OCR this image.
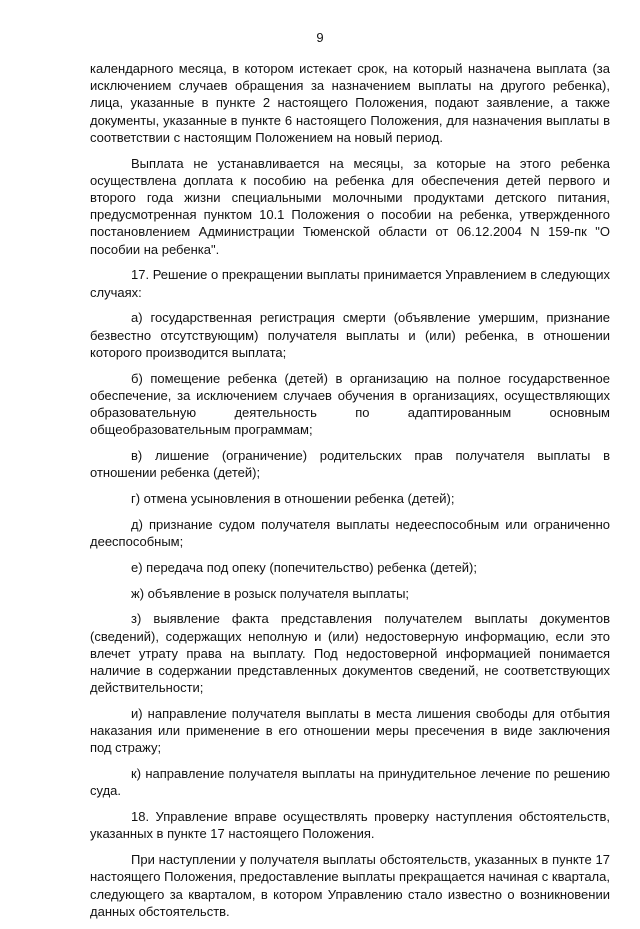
9

календарного месяца, в котором истекает срок, на который назначена выплата (за исключением случаев обращения за назначением выплаты на другого ребенка), лица, указанные в пункте 2 настоящего Положения, подают заявление, а также документы, указанные в пункте 6 настоящего Положения, для назначения выплаты в соответствии с настоящим Положением на новый период.

Выплата не устанавливается на месяцы, за которые на этого ребенка осуществлена доплата к пособию на ребенка для обеспечения детей первого и второго года жизни специальными молочными продуктами детского питания, предусмотренная пунктом 10.1 Положения о пособии на ребенка, утвержденного постановлением Администрации Тюменской области от 06.12.2004 N 159-пк "О пособии на ребенка".

17. Решение о прекращении выплаты принимается Управлением в следующих случаях:

а) государственная регистрация смерти (объявление умершим, признание безвестно отсутствующим) получателя выплаты и (или) ребенка, в отношении которого производится выплата;

б) помещение ребенка (детей) в организацию на полное государственное обеспечение, за исключением случаев обучения в организациях, осуществляющих образовательную деятельность по адаптированным основным общеобразовательным программам;

в) лишение (ограничение) родительских прав получателя выплаты в отношении ребенка (детей);

г) отмена усыновления в отношении ребенка (детей);

д) признание судом получателя выплаты недееспособным или ограниченно дееспособным;

е) передача под опеку (попечительство) ребенка (детей);

ж) объявление в розыск получателя выплаты;

з) выявление факта представления получателем выплаты документов (сведений), содержащих неполную и (или) недостоверную информацию, если это влечет утрату права на выплату. Под недостоверной информацией понимается наличие в содержании представленных документов сведений, не соответствующих действительности;

и) направление получателя выплаты в места лишения свободы для отбытия наказания или применение в его отношении меры пресечения в виде заключения под стражу;

к) направление получателя выплаты на принудительное лечение по решению суда.

18. Управление вправе осуществлять проверку наступления обстоятельств, указанных в пункте 17 настоящего Положения.

При наступлении у получателя выплаты обстоятельств, указанных в пункте 17 настоящего Положения, предоставление выплаты прекращается начиная с квартала, следующего за кварталом, в котором Управлению стало известно о возникновении данных обстоятельств.
